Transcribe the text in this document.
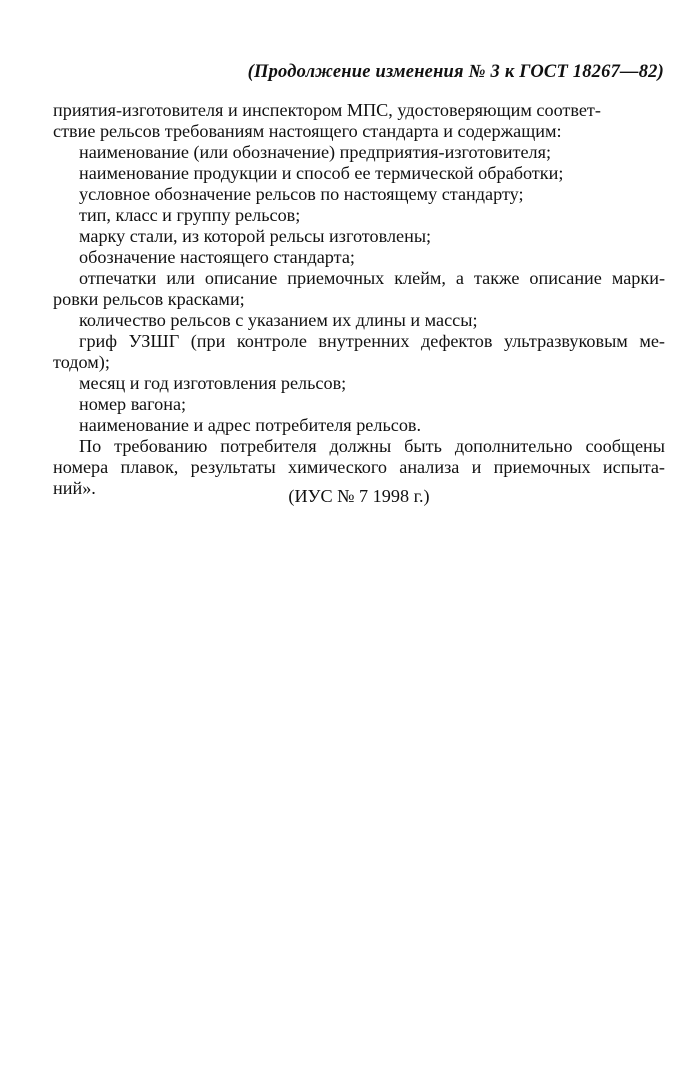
(Продолжение изменения № 3 к ГОСТ 18267—82)
приятия-изготовителя и инспектором МПС, удостоверяющим соответ-
ствие рельсов требованиям настоящего стандарта и содержащим:
наименование (или обозначение) предприятия-изготовителя;
наименование продукции и способ ее термической обработки;
условное обозначение рельсов по настоящему стандарту;
тип, класс и группу рельсов;
марку стали, из которой рельсы изготовлены;
обозначение настоящего стандарта;
отпечатки или описание приемочных клейм, а также описание марки-
ровки рельсов красками;
количество рельсов с указанием их длины и массы;
гриф УЗШГ (при контроле внутренних дефектов ультразвуковым ме-
тодом);
месяц и год изготовления рельсов;
номер вагона;
наименование и адрес потребителя рельсов.
По требованию потребителя должны быть дополнительно сообщены
номера плавок, результаты химического анализа и приемочных испыта-
ний».	(ИУС № 7 1998 г.)
